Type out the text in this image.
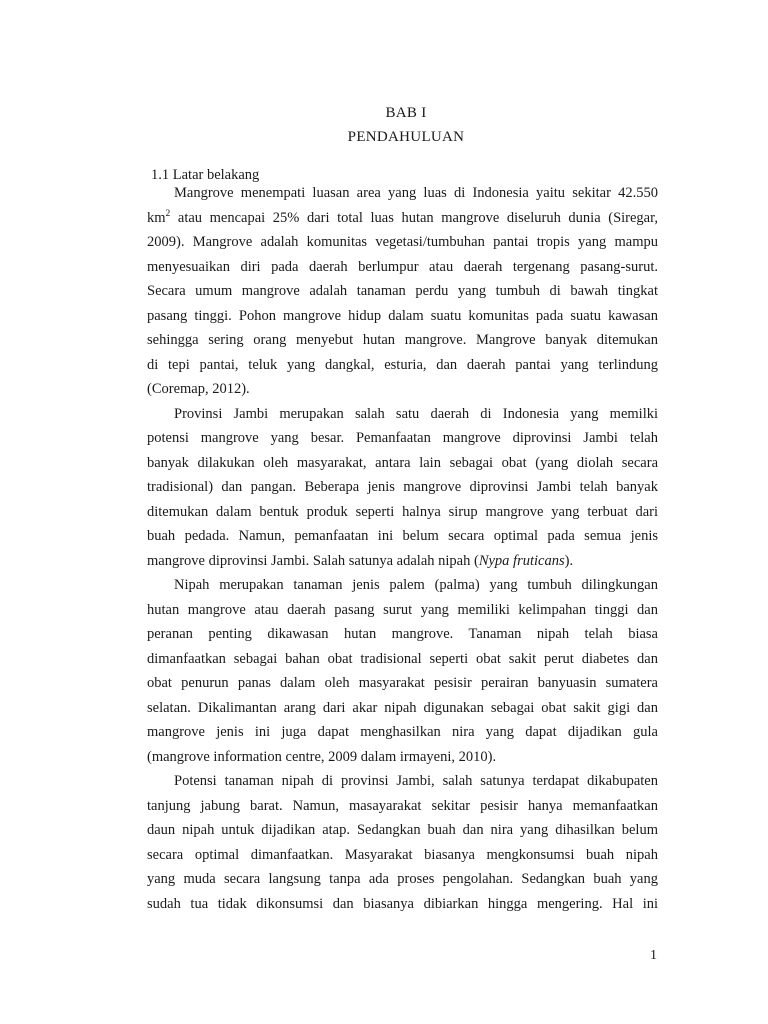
BAB I
PENDAHULUAN
1.1 Latar belakang
Mangrove menempati luasan area yang luas di Indonesia yaitu sekitar 42.550
$km^2$ atau mencapai 25% dari total luas hutan mangrove diseluruh dunia (Siregar,
2009). Mangrove adalah komunitas vegetasi/tumbuhan pantai tropis yang mampu
menyesuaikan diri pada daerah berlumpur atau daerah tergenang pasang-surut.
Secara umum mangrove adalah tanaman perdu yang tumbuh di bawah tingkat
pasang tinggi. Pohon mangrove hidup dalam suatu komunitas pada suatu kawasan
sehingga sering orang menyebut hutan mangrove. Mangrove banyak ditemukan
di tepi pantai, teluk yang dangkal, esturia, dan daerah pantai yang terlindung
(Coremap, 2012).
Provinsi Jambi merupakan salah satu daerah di Indonesia yang memilki
potensi mangrove yang besar. Pemanfaatan mangrove diprovinsi Jambi telah
banyak dilakukan oleh masyarakat, antara lain sebagai obat (yang diolah secara
tradisional) dan pangan. Beberapa jenis mangrove diprovinsi Jambi telah banyak
ditemukan dalam bentuk produk seperti halnya sirup mangrove yang terbuat dari
buah pedada. Namun, pemanfaatan ini belum secara optimal pada semua jenis
mangrove diprovinsi Jambi. Salah satunya adalah nipah (Nypa fruticans).
Nipah merupakan tanaman jenis palem (palma) yang tumbuh dilingkungan
hutan mangrove atau daerah pasang surut yang memiliki kelimpahan tinggi dan
peranan penting dikawasan hutan mangrove. Tanaman nipah telah biasa
dimanfaatkan sebagai bahan obat tradisional seperti obat sakit perut diabetes dan
obat penurun panas dalam oleh masyarakat pesisir perairan banyuasin sumatera
selatan. Dikalimantan arang dari akar nipah digunakan sebagai obat sakit gigi dan
mangrove jenis ini juga dapat menghasilkan nira yang dapat dijadikan gula
(mangrove information centre, 2009 dalam irmayeni, 2010).
Potensi tanaman nipah di provinsi Jambi, salah satunya terdapat dikabupaten
tanjung jabung barat. Namun, masayarakat sekitar pesisir hanya memanfaatkan
daun nipah untuk dijadikan atap. Sedangkan buah dan nira yang dihasilkan belum
secara optimal dimanfaatkan. Masyarakat biasanya mengkonsumsi buah nipah
yang muda secara langsung tanpa ada proses pengolahan. Sedangkan buah yang
sudah tua tidak dikonsumsi dan biasanya dibiarkan hingga mengering. Hal ini
1
